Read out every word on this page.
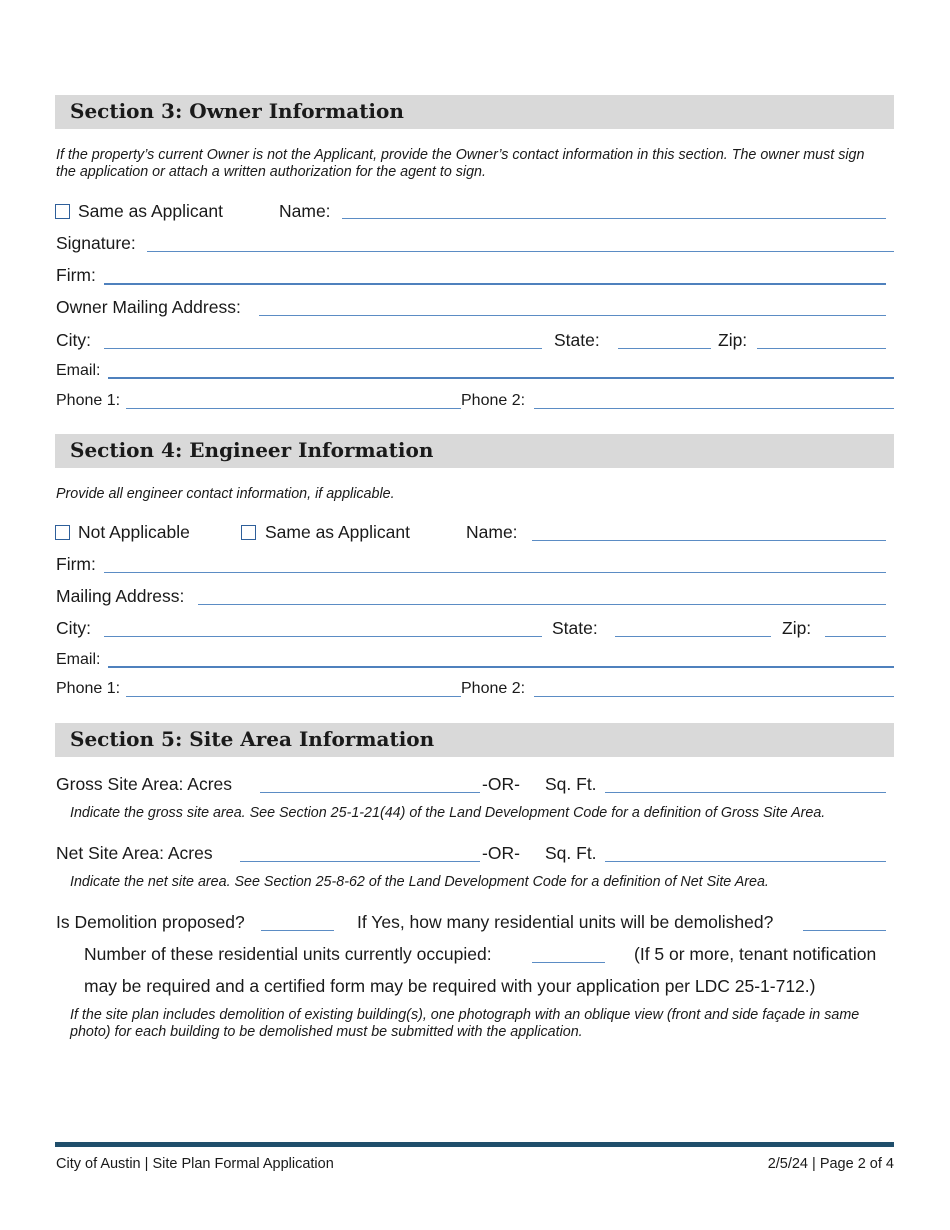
Section 3: Owner Information
If the property’s current Owner is not the Applicant, provide the Owner’s contact information in this section. The owner must sign the application or attach a written authorization for the agent to sign.
Same as Applicant	Name:
Signature:
Firm:
Owner Mailing Address:
City:	State:	Zip:
Email:
Phone 1:	Phone 2:
Section 4: Engineer Information
Provide all engineer contact information, if applicable.
Not Applicable	Same as Applicant	Name:
Firm:
Mailing Address:
City:	State:	Zip:
Email:
Phone 1:	Phone 2:
Section 5: Site Area Information
Gross Site Area: Acres	-OR- Sq. Ft.
Indicate the gross site area. See Section 25-1-21(44) of the Land Development Code for a definition of Gross Site Area.
Net Site Area: Acres	-OR- Sq. Ft.
Indicate the net site area. See Section 25-8-62 of the Land Development Code for a definition of Net Site Area.
Is Demolition proposed?	If Yes, how many residential units will be demolished?
Number of these residential units currently occupied:	(If 5 or more, tenant notification
may be required and a certified form may be required with your application per LDC 25-1-712.)
If the site plan includes demolition of existing building(s), one photograph with an oblique view (front and side façade in same photo) for each building to be demolished must be submitted with the application.
City of Austin | Site Plan Formal Application	2/5/24 | Page 2 of 4
